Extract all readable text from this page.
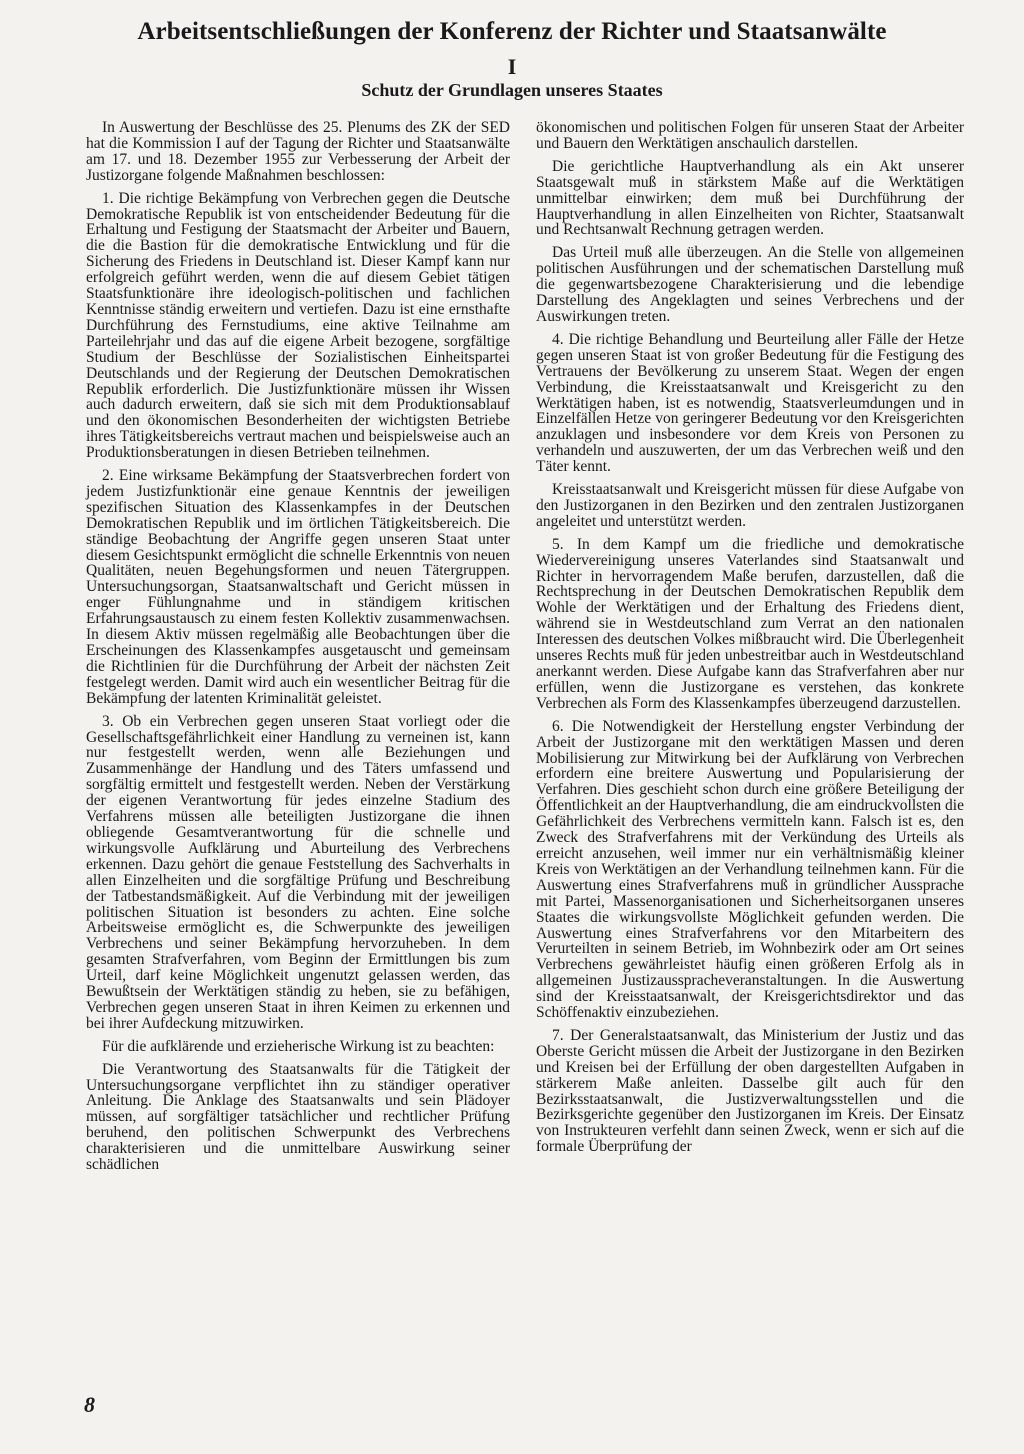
Arbeitsentschließungen der Konferenz der Richter und Staatsanwälte
I
Schutz der Grundlagen unseres Staates

In Auswertung der Beschlüsse des 25. Plenums des ZK der SED hat die Kommission I auf der Tagung der Richter und Staatsanwälte am 17. und 18. Dezember 1955 zur Verbesserung der Arbeit der Justizorgane folgende Maßnahmen beschlossen:

1. Die richtige Bekämpfung von Verbrechen gegen die Deutsche Demokratische Republik ist von entscheidender Bedeutung für die Erhaltung und Festigung der Staatsmacht der Arbeiter und Bauern, die die Bastion für die demokratische Entwicklung und für die Sicherung des Friedens in Deutschland ist. Dieser Kampf kann nur erfolgreich geführt werden, wenn die auf diesem Gebiet tätigen Staatsfunktionäre ihre ideologisch-politischen und fachlichen Kenntnisse ständig erweitern und vertiefen. Dazu ist eine ernsthafte Durchführung des Fernstudiums, eine aktive Teilnahme am Parteilehrjahr und das auf die eigene Arbeit bezogene, sorgfältige Studium der Beschlüsse der Sozialistischen Einheitspartei Deutschlands und der Regierung der Deutschen Demokratischen Republik erforderlich. Die Justizfunktionäre müssen ihr Wissen auch dadurch erweitern, daß sie sich mit dem Produktionsablauf und den ökonomischen Besonderheiten der wichtigsten Betriebe ihres Tätigkeitsbereichs vertraut machen und beispielsweise auch an Produktionsberatungen in diesen Betrieben teilnehmen.

2. Eine wirksame Bekämpfung der Staatsverbrechen fordert von jedem Justizfunktionär eine genaue Kenntnis der jeweiligen spezifischen Situation des Klassenkampfes in der Deutschen Demokratischen Republik und im örtlichen Tätigkeitsbereich. Die ständige Beobachtung der Angriffe gegen unseren Staat unter diesem Gesichtspunkt ermöglicht die schnelle Erkenntnis von neuen Qualitäten, neuen Begehungsformen und neuen Tätergruppen. Untersuchungsorgan, Staatsanwaltschaft und Gericht müssen in enger Fühlungnahme und in ständigem kritischen Erfahrungsaustausch zu einem festen Kollektiv zusammenwachsen. In diesem Aktiv müssen regelmäßig alle Beobachtungen über die Erscheinungen des Klassenkampfes ausgetauscht und gemeinsam die Richtlinien für die Durchführung der Arbeit der nächsten Zeit festgelegt werden. Damit wird auch ein wesentlicher Beitrag für die Bekämpfung der latenten Kriminalität geleistet.

3. Ob ein Verbrechen gegen unseren Staat vorliegt oder die Gesellschaftsgefährlichkeit einer Handlung zu verneinen ist, kann nur festgestellt werden, wenn alle Beziehungen und Zusammenhänge der Handlung und des Täters umfassend und sorgfältig ermittelt und festgestellt werden. Neben der Verstärkung der eigenen Verantwortung für jedes einzelne Stadium des Verfahrens müssen alle beteiligten Justizorgane die ihnen obliegende Gesamtverantwortung für die schnelle und wirkungsvolle Aufklärung und Aburteilung des Verbrechens erkennen. Dazu gehört die genaue Feststellung des Sachverhalts in allen Einzelheiten und die sorgfältige Prüfung und Beschreibung der Tatbestandsmäßigkeit. Auf die Verbindung mit der jeweiligen politischen Situation ist besonders zu achten. Eine solche Arbeitsweise ermöglicht es, die Schwerpunkte des jeweiligen Verbrechens und seiner Bekämpfung hervorzuheben. In dem gesamten Strafverfahren, vom Beginn der Ermittlungen bis zum Urteil, darf keine Möglichkeit ungenutzt gelassen werden, das Bewußtsein der Werktätigen ständig zu heben, sie zu befähigen, Verbrechen gegen unseren Staat in ihren Keimen zu erkennen und bei ihrer Aufdeckung mitzuwirken.

Für die aufklärende und erzieherische Wirkung ist zu beachten:

Die Verantwortung des Staatsanwalts für die Tätigkeit der Untersuchungsorgane verpflichtet ihn zu ständiger operativer Anleitung. Die Anklage des Staatsanwalts und sein Plädoyer müssen, auf sorgfältiger tatsächlicher und rechtlicher Prüfung beruhend, den politischen Schwerpunkt des Verbrechens charakterisieren und die unmittelbare Auswirkung seiner schädlichen

ökonomischen und politischen Folgen für unseren Staat der Arbeiter und Bauern den Werktätigen anschaulich darstellen.

Die gerichtliche Hauptverhandlung als ein Akt unserer Staatsgewalt muß in stärkstem Maße auf die Werktätigen unmittelbar einwirken; dem muß bei Durchführung der Hauptverhandlung in allen Einzelheiten von Richter, Staatsanwalt und Rechtsanwalt Rechnung getragen werden.

Das Urteil muß alle überzeugen. An die Stelle von allgemeinen politischen Ausführungen und der schematischen Darstellung muß die gegenwartsbezogene Charakterisierung und die lebendige Darstellung des Angeklagten und seines Verbrechens und der Auswirkungen treten.

4. Die richtige Behandlung und Beurteilung aller Fälle der Hetze gegen unseren Staat ist von großer Bedeutung für die Festigung des Vertrauens der Bevölkerung zu unserem Staat. Wegen der engen Verbindung, die Kreisstaatsanwalt und Kreisgericht zu den Werktätigen haben, ist es notwendig, Staatsverleumdungen und in Einzelfällen Hetze von geringerer Bedeutung vor den Kreisgerichten anzuklagen und insbesondere vor dem Kreis von Personen zu verhandeln und auszuwerten, der um das Verbrechen weiß und den Täter kennt.

Kreisstaatsanwalt und Kreisgericht müssen für diese Aufgabe von den Justizorganen in den Bezirken und den zentralen Justizorganen angeleitet und unterstützt werden.

5. In dem Kampf um die friedliche und demokratische Wiedervereinigung unseres Vaterlandes sind Staatsanwalt und Richter in hervorragendem Maße berufen, darzustellen, daß die Rechtsprechung in der Deutschen Demokratischen Republik dem Wohle der Werktätigen und der Erhaltung des Friedens dient, während sie in Westdeutschland zum Verrat an den nationalen Interessen des deutschen Volkes mißbraucht wird. Die Überlegenheit unseres Rechts muß für jeden unbestreitbar auch in Westdeutschland anerkannt werden. Diese Aufgabe kann das Strafverfahren aber nur erfüllen, wenn die Justizorgane es verstehen, das konkrete Verbrechen als Form des Klassenkampfes überzeugend darzustellen.

6. Die Notwendigkeit der Herstellung engster Verbindung der Arbeit der Justizorgane mit den werktätigen Massen und deren Mobilisierung zur Mitwirkung bei der Aufklärung von Verbrechen erfordern eine breitere Auswertung und Popularisierung der Verfahren. Dies geschieht schon durch eine größere Beteiligung der Öffentlichkeit an der Hauptverhandlung, die am eindruckvollsten die Gefährlichkeit des Verbrechens vermitteln kann. Falsch ist es, den Zweck des Strafverfahrens mit der Verkündung des Urteils als erreicht anzusehen, weil immer nur ein verhältnismäßig kleiner Kreis von Werktätigen an der Verhandlung teilnehmen kann. Für die Auswertung eines Strafverfahrens muß in gründlicher Aussprache mit Partei, Massenorganisationen und Sicherheitsorganen unseres Staates die wirkungsvollste Möglichkeit gefunden werden. Die Auswertung eines Strafverfahrens vor den Mitarbeitern des Verurteilten in seinem Betrieb, im Wohnbezirk oder am Ort seines Verbrechens gewährleistet häufig einen größeren Erfolg als in allgemeinen Justizausspracheveranstaltungen. In die Auswertung sind der Kreisstaatsanwalt, der Kreisgerichtsdirektor und das Schöffenaktiv einzubeziehen.

7. Der Generalstaatsanwalt, das Ministerium der Justiz und das Oberste Gericht müssen die Arbeit der Justizorgane in den Bezirken und Kreisen bei der Erfüllung der oben dargestellten Aufgaben in stärkerem Maße anleiten. Dasselbe gilt auch für den Bezirksstaatsanwalt, die Justizverwaltungsstellen und die Bezirksgerichte gegenüber den Justizorganen im Kreis. Der Einsatz von Instrukteuren verfehlt dann seinen Zweck, wenn er sich auf die formale Überprüfung der

8
